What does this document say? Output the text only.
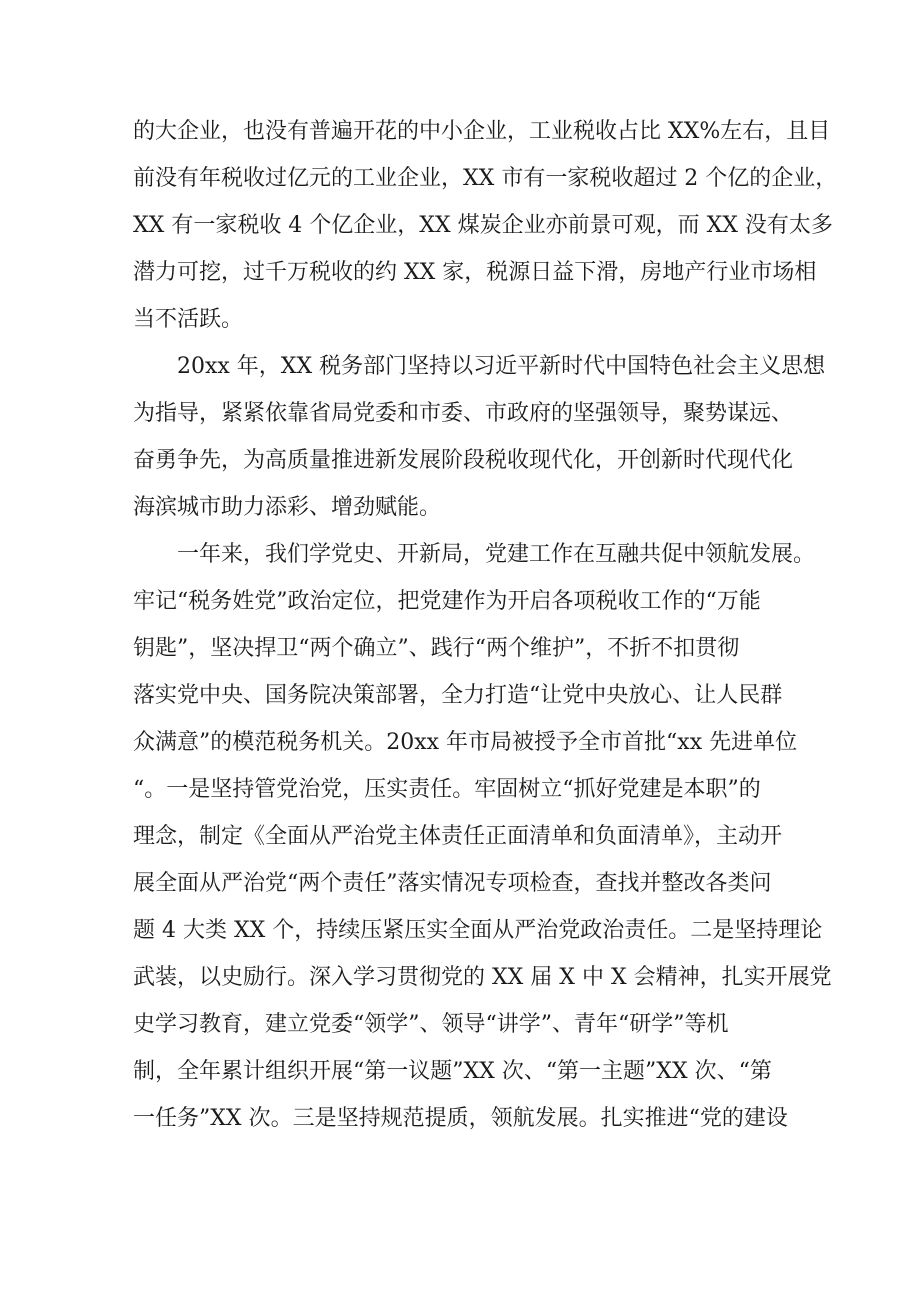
的大企业，也没有普遍开花的中小企业，工业税收占比 XX%左右，且目
前没有年税收过亿元的工业企业，XX 市有一家税收超过 2 个亿的企业，
XX 有一家税收 4 个亿企业，XX 煤炭企业亦前景可观，而 XX 没有太多
潜力可挖，过千万税收的约 XX 家，税源日益下滑，房地产行业市场相
当不活跃。
　　20xx 年，XX 税务部门坚持以习近平新时代中国特色社会主义思想
为指导，紧紧依靠省局党委和市委、市政府的坚强领导，聚势谋远、
奋勇争先，为高质量推进新发展阶段税收现代化，开创新时代现代化
海滨城市助力添彩、增劲赋能。
　　一年来，我们学党史、开新局，党建工作在互融共促中领航发展。
牢记“税务姓党”政治定位，把党建作为开启各项税收工作的“万能
钥匙”，坚决捍卫“两个确立”、践行“两个维护”，不折不扣贯彻
落实党中央、国务院决策部署，全力打造“让党中央放心、让人民群
众满意”的模范税务机关。20xx 年市局被授予全市首批“xx 先进单位
“。一是坚持管党治党，压实责任。牢固树立“抓好党建是本职”的
理念，制定《全面从严治党主体责任正面清单和负面清单》，主动开
展全面从严治党“两个责任”落实情况专项检查，查找并整改各类问
题 4 大类 XX 个，持续压紧压实全面从严治党政治责任。二是坚持理论
武装，以史励行。深入学习贯彻党的 XX 届 X 中 X 会精神，扎实开展党
史学习教育，建立党委“领学”、领导“讲学”、青年“研学”等机
制，全年累计组织开展“第一议题”XX 次、“第一主题”XX 次、“第
一任务”XX 次。三是坚持规范提质，领航发展。扎实推进“党的建设
